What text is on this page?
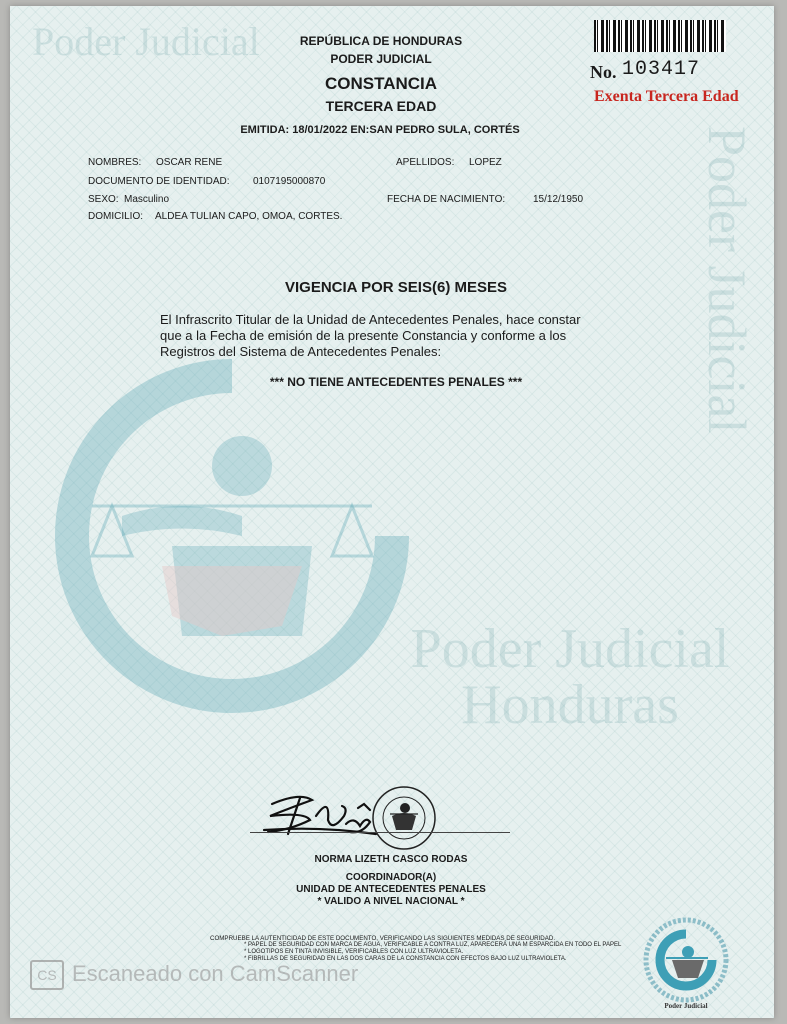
Poder Judicial
Poder Judicial
Poder Judicial
Honduras
REPÚBLICA DE HONDURAS
PODER JUDICIAL
CONSTANCIA
TERCERA EDAD
EMITIDA: 18/01/2022 EN:SAN PEDRO SULA, CORTÉS
No. 103417
Exenta Tercera Edad
NOMBRES: OSCAR RENE	APELLIDOS: LOPEZ
DOCUMENTO DE IDENTIDAD: 0107195000870
SEXO: Masculino	FECHA DE NACIMIENTO:	15/12/1950
DOMICILIO: ALDEA TULIAN CAPO, OMOA, CORTES.
VIGENCIA POR SEIS(6) MESES
El Infrascrito Titular de la Unidad de Antecedentes Penales, hace constar
que a la Fecha de emisión de la presente Constancia y conforme a los
Registros del Sistema de Antecedentes Penales:
*** NO TIENE ANTECEDENTES PENALES ***
NORMA LIZETH CASCO RODAS
COORDINADOR(A)
UNIDAD DE ANTECEDENTES PENALES
* VALIDO A NIVEL NACIONAL *
COMPRUEBE LA AUTENTICIDAD DE ESTE DOCUMENTO, VERIFICANDO LAS SIGUIENTES MEDIDAS DE SEGURIDAD.
* PAPEL DE SEGURIDAD CON MARCA DE AGUA, VERIFICABLE A CONTRA LUZ, APARECERÁ UNA M ESPARCIDA EN TODO EL PAPEL
* LOGOTIPOS EN TINTA INVISIBLE, VERIFICABLES CON LUZ ULTRAVIOLETA.
* FIBRILLAS DE SEGURIDAD EN LAS DOS CARAS DE LA CONSTANCIA CON EFECTOS BAJO LUZ ULTRAVIOLETA.
Poder Judicial
CS Escaneado con CamScanner
